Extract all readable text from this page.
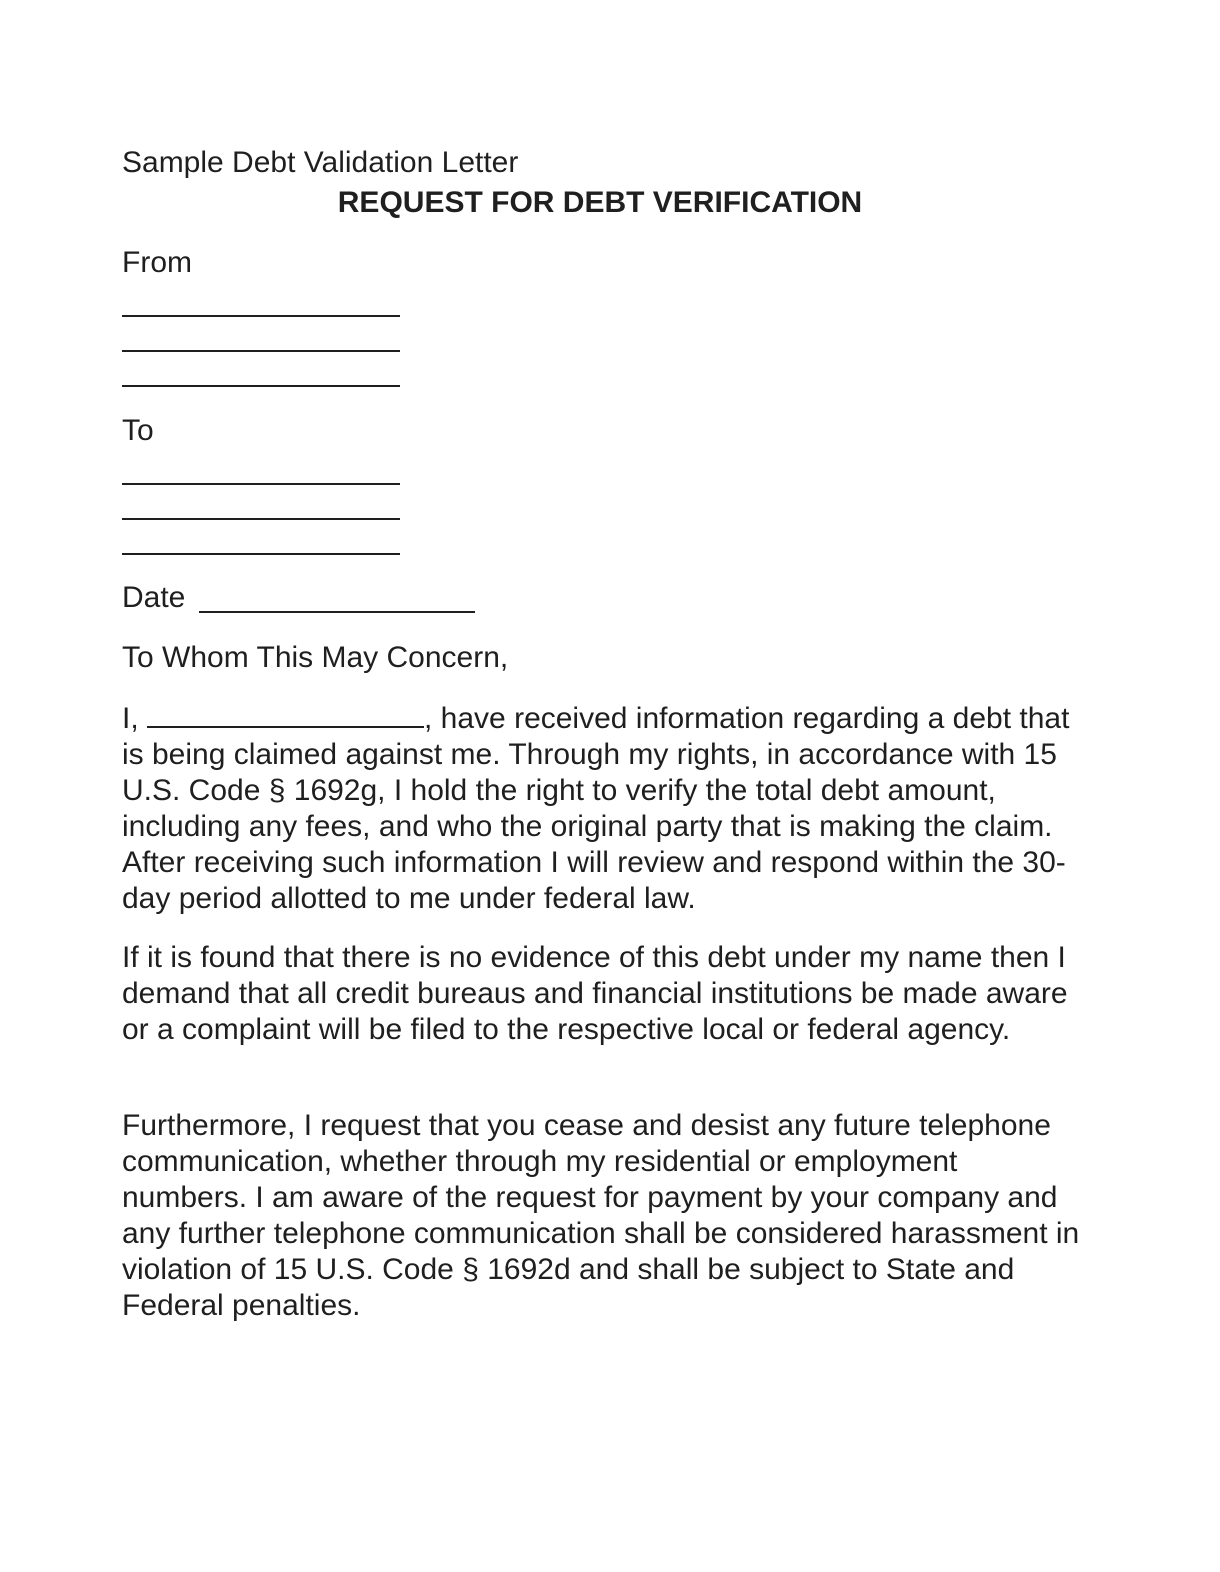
Sample Debt Validation Letter

REQUEST FOR DEBT VERIFICATION

From

To

Date

To Whom This May Concern,

I,	, have received information regarding a debt that is being claimed against me. Through my rights, in accordance with 15 U.S. Code § 1692g, I hold the right to verify the total debt amount, including any fees, and who the original party that is making the claim. After receiving such information I will review and respond within the 30-day period allotted to me under federal law.

If it is found that there is no evidence of this debt under my name then I demand that all credit bureaus and financial institutions be made aware or a complaint will be filed to the respective local or federal agency.

Furthermore, I request that you cease and desist any future telephone communication, whether through my residential or employment numbers. I am aware of the request for payment by your company and any further telephone communication shall be considered harassment in violation of 15 U.S. Code § 1692d and shall be subject to State and Federal penalties.
